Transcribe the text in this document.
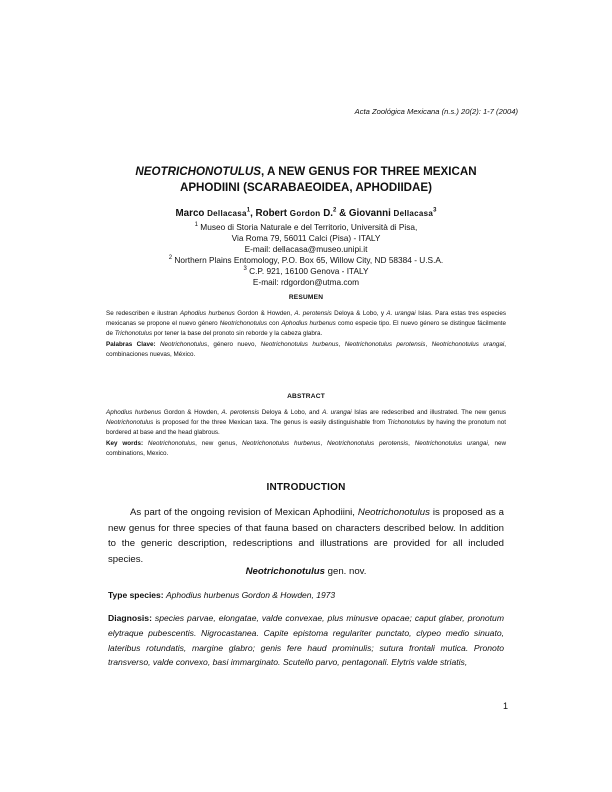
Acta Zoológica Mexicana (n.s.) 20(2): 1-7 (2004)
NEOTRICHONOTULUS, A NEW GENUS FOR THREE MEXICAN
APHODIINI (SCARABAEOIDEA, APHODIIDAE)
Marco Dellacasa$^1$, Robert Gordon D.$^2$ & Giovanni Dellacasa$^3$
$^1$ Museo di Storia Naturale e del Territorio, Università di Pisa,
Via Roma 79, 56011 Calci (Pisa) - ITALY
E-mail: dellacasa@museo.unipi.it
$^2$ Northern Plains Entomology, P.O. Box 65, Willow City, ND 58384 - U.S.A.
$^3$ C.P. 921, 16100 Genova - ITALY
E-mail: rdgordon@utma.com
RESUMEN

Se redescriben e ilustran Aphodius hurbenus Gordon & Howden, A. perotensis Deloya & Lobo, y A. urangai Islas. Para estas tres especies mexicanas se propone el nuevo género Neotrichonotulus con Aphodius hurbenus como especie tipo. El nuevo género se distingue fácilmente de Trichonotulus por tener la base del pronoto sin reborde y la cabeza glabra.

Palabras Clave: Neotrichonotulus, género nuevo, Neotrichonotulus hurbenus, Neotrichonotulus perotensis, Neotrichonotulus urangai, combinaciones nuevas, México.

ABSTRACT

Aphodius hurbenus Gordon & Howden, A. perotensis Deloya & Lobo, and A. urangai Islas are redescribed and illustrated. The new genus Neotrichonotulus is proposed for the three Mexican taxa. The genus is easily distinguishable from Trichonotulus by having the pronotum not bordered at base and the head glabrous.

Key words: Neotrichonotulus, new genus, Neotrichonotulus hurbenus, Neotrichonotulus perotensis, Neotrichonotulus urangai, new combinations, Mexico.

INTRODUCTION

As part of the ongoing revision of Mexican Aphodiini, Neotrichonotulus is proposed as a new genus for three species of that fauna based on characters described below. In addition to the generic description, redescriptions and illustrations are provided for all included species.

Neotrichonotulus gen. nov.
Type species: Aphodius hurbenus Gordon & Howden, 1973
Diagnosis: species parvae, elongatae, valde convexae, plus minusve opacae; caput glaber, pronotum elytraque pubescentis. Nigrocastanea. Capite epistoma regulariter punctato, clypeo medio sinuato, lateribus rotundatis, margine glabro; genis fere haud prominulis; sutura frontali mutica. Pronoto transverso, valde convexo, basi immarginato. Scutello parvo, pentagonali. Elytris valde striatis,
1
